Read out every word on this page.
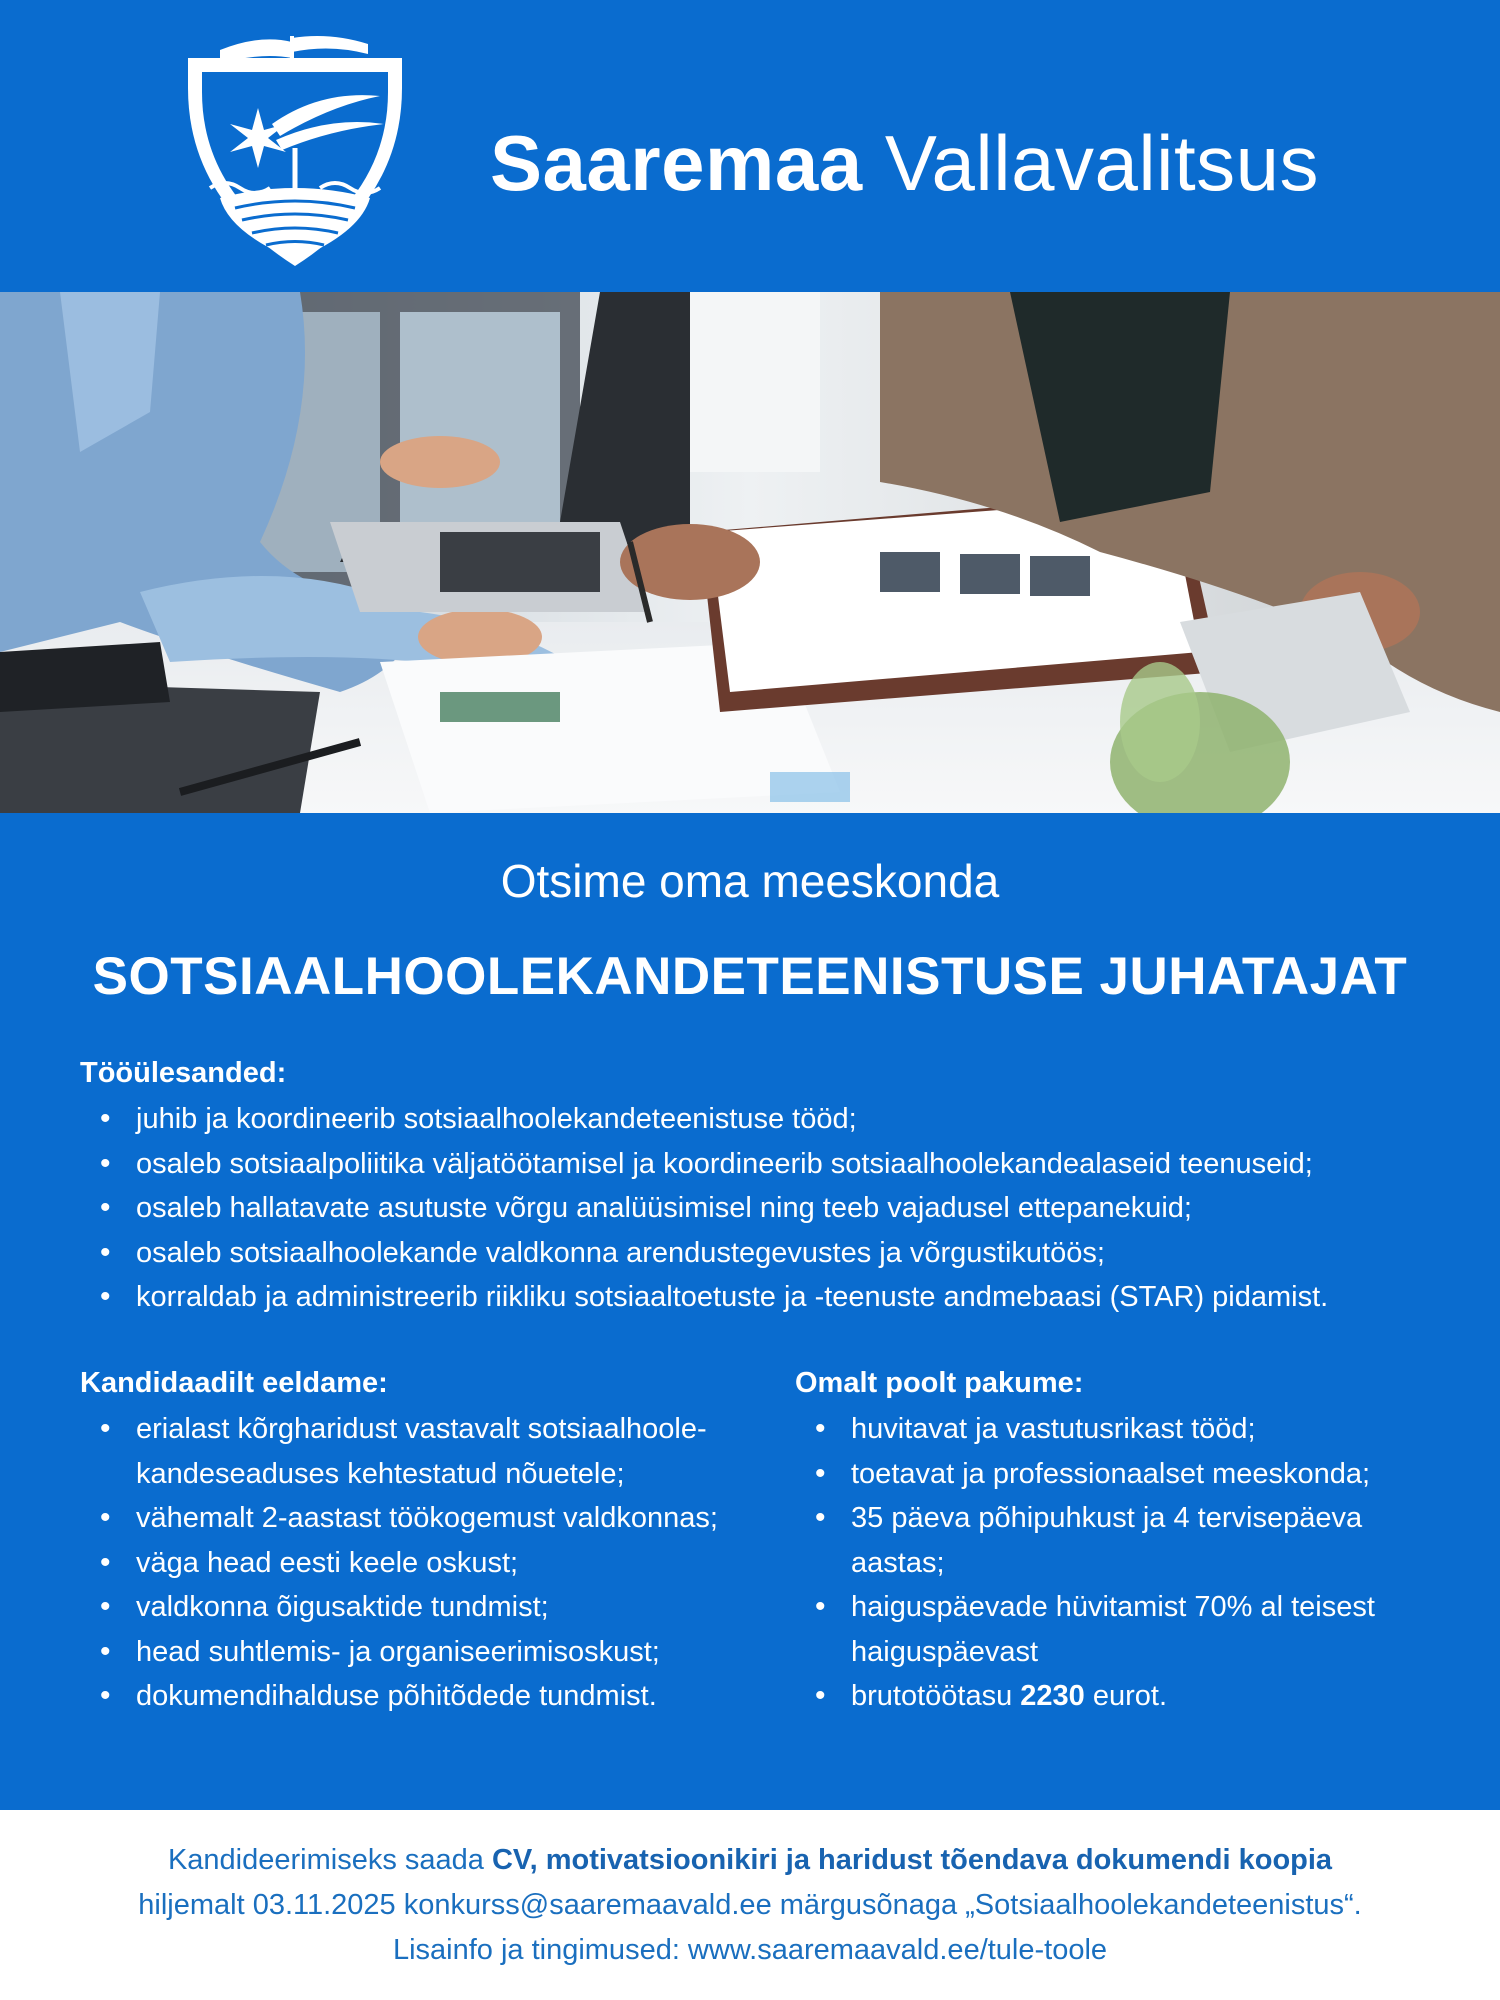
Saaremaa Vallavalitsus
Otsime oma meeskonda
SOTSIAALHOOLEKANDETEENISTUSE JUHATAJAT
Tööülesanded:
• juhib ja koordineerib sotsiaalhoolekandeteenistuse tööd;
• osaleb sotsiaalpoliitika väljatöötamisel ja koordineerib sotsiaalhoolekandealaseid teenuseid;
• osaleb hallatavate asutuste võrgu analüüsimisel ning teeb vajadusel ettepanekuid;
• osaleb sotsiaalhoolekande valdkonna arendustegevustes ja võrgustikutöös;
• korraldab ja administreerib riikliku sotsiaaltoetuste ja -teenuste andmebaasi (STAR) pidamist.
Kandidaadilt eeldame:
• erialast kõrgharidust vastavalt sotsiaalhoole-kandeseaduses kehtestatud nõuetele;
• vähemalt 2-aastast töökogemust valdkonnas;
• väga head eesti keele oskust;
• valdkonna õigusaktide tundmist;
• head suhtlemis- ja organiseerimisoskust;
• dokumendihalduse põhitõdede tundmist.
Omalt poolt pakume:
• huvitavat ja vastutusrikast tööd;
• toetavat ja professionaalset meeskonda;
• 35 päeva põhipuhkust ja 4 tervisepäeva aastas;
• haiguspäevade hüvitamist 70% al teisest haiguspäevast
• brutotöötasu 2230 eurot.

Kandideerimiseks saada CV, motivatsioonikiri ja haridust tõendava dokumendi koopia

hiljemalt 03.11.2025 konkurss@saaremaavald.ee märgusõnaga „Sotsiaalhoolekandeteenistus“.

Lisainfo ja tingimused: www.saaremaavald.ee/tule-toole
